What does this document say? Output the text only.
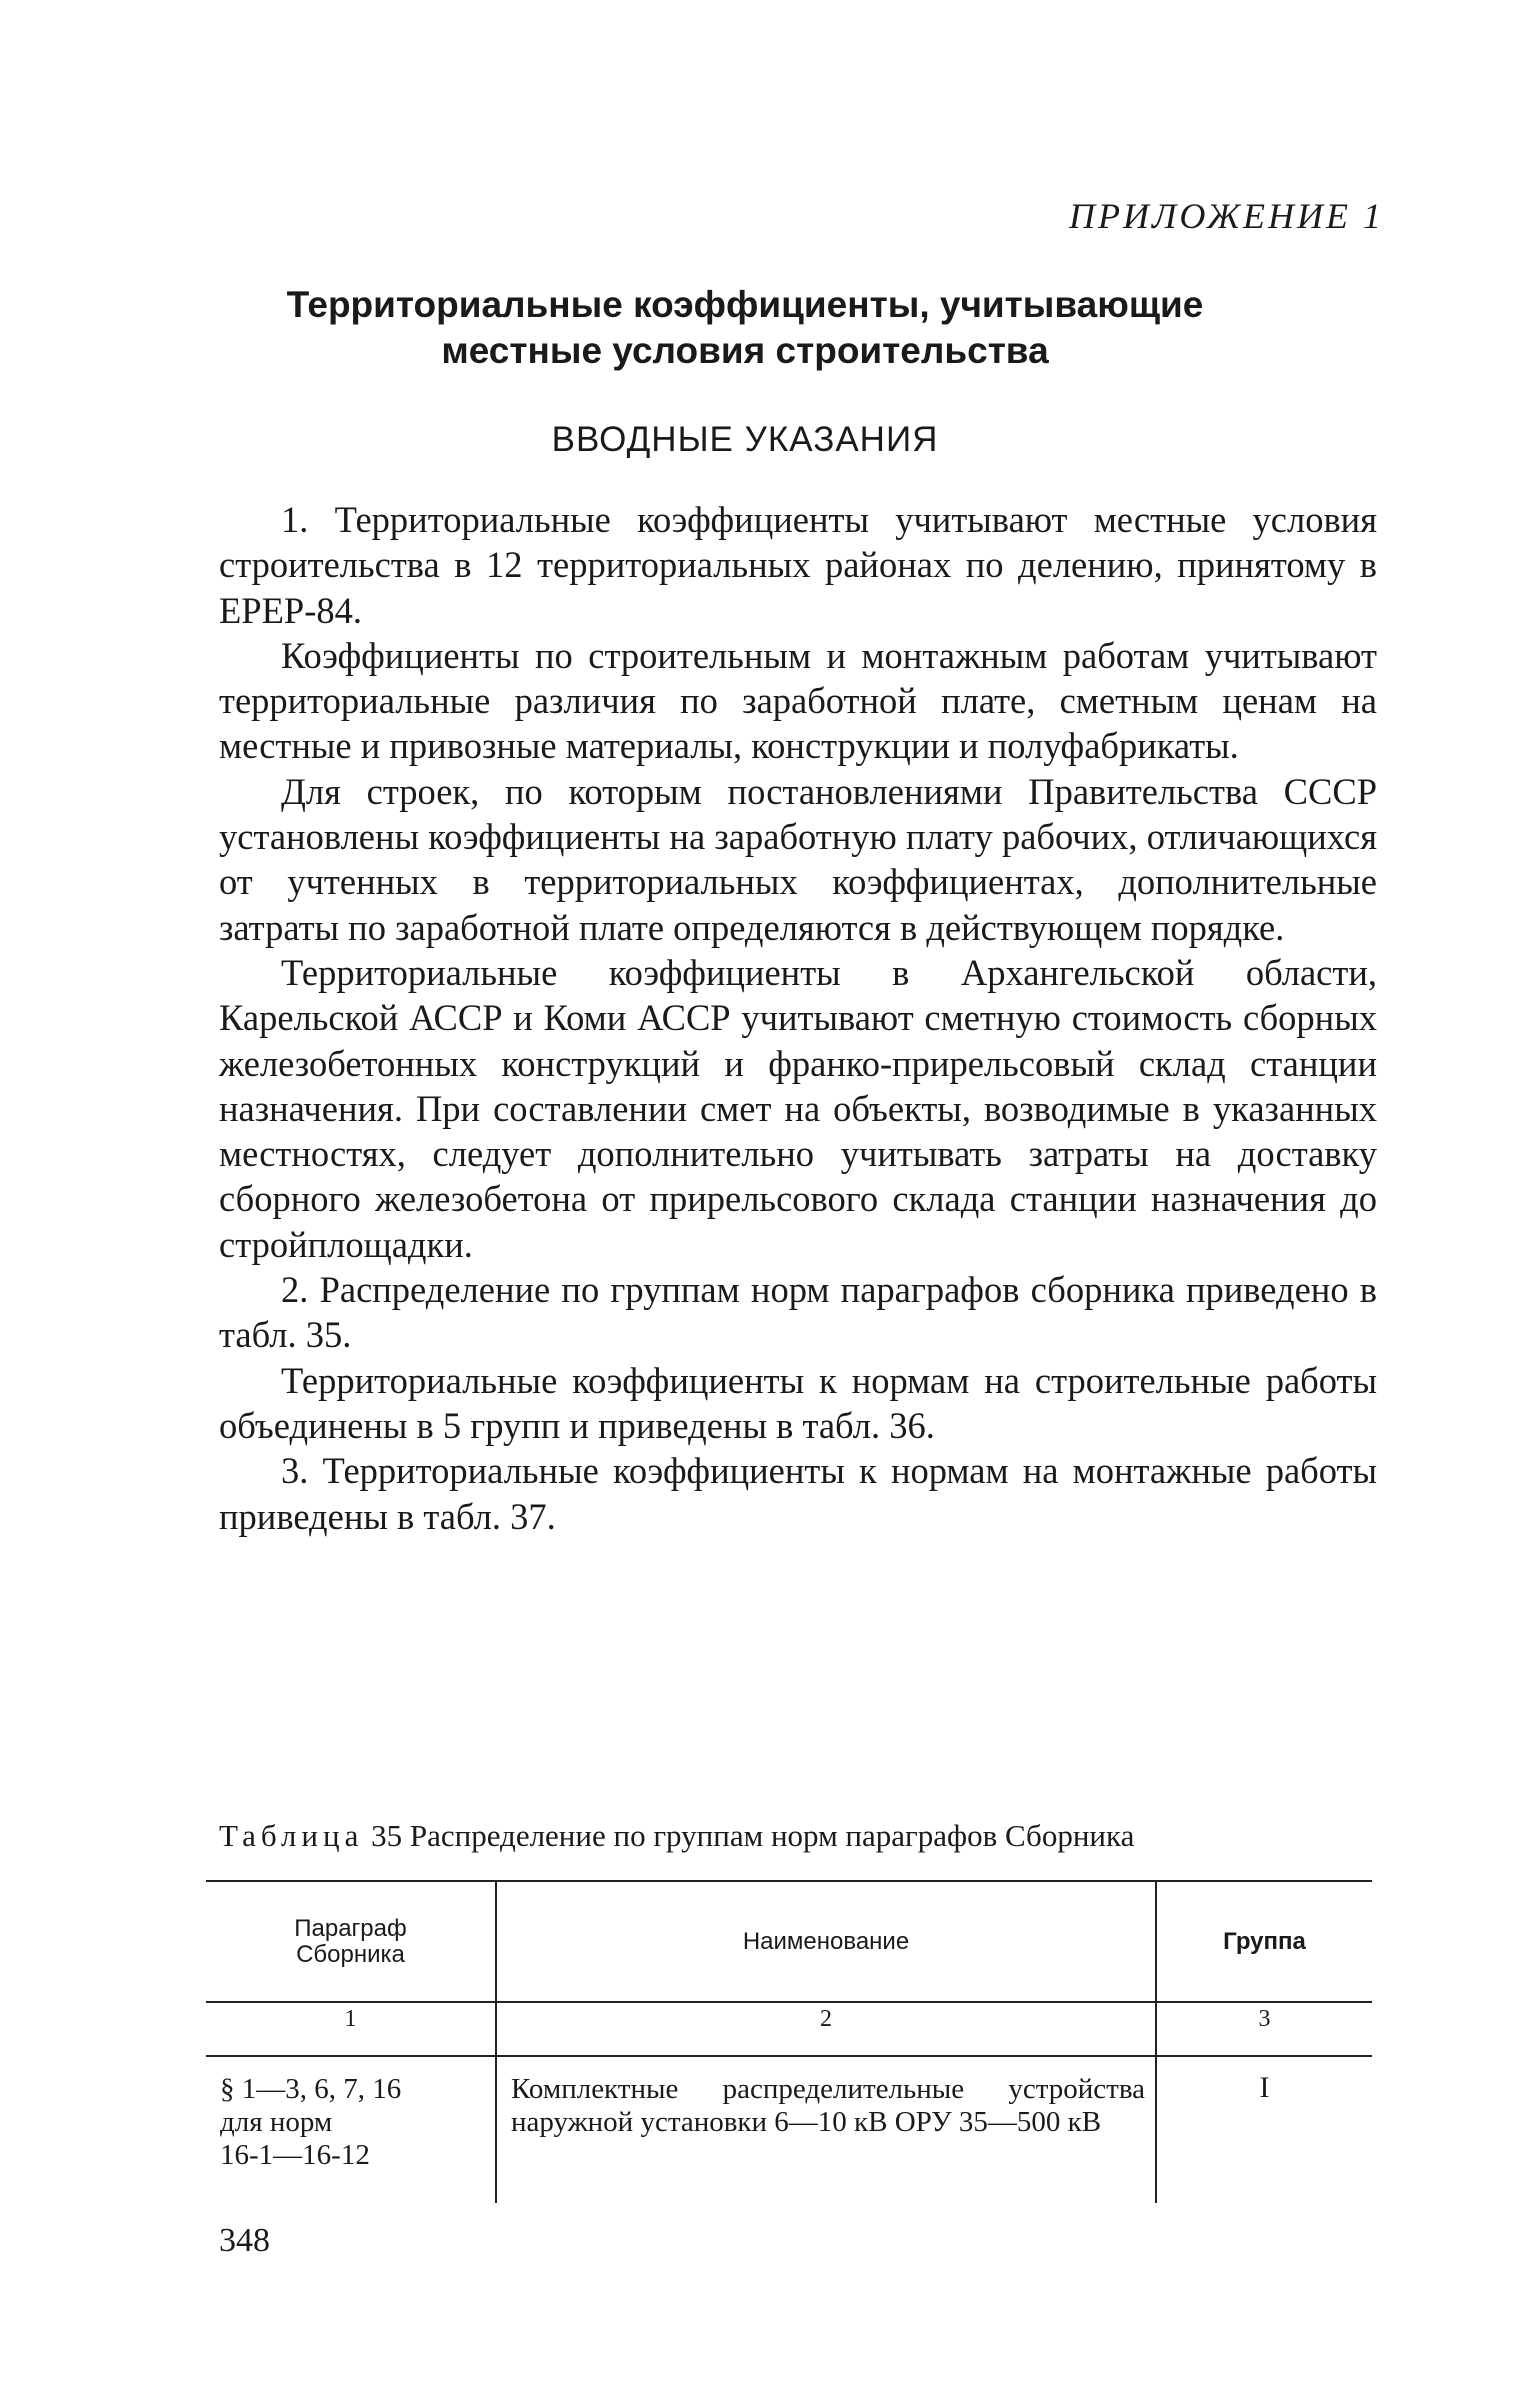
ПРИЛОЖЕНИЕ 1
Территориальные коэффициенты, учитывающие
местные условия строительства
ВВОДНЫЕ УКАЗАНИЯ

1. Территориальные коэффициенты учитывают местные условия строительства в 12 территориальных районах по делению, принятому в ЕРЕР-84.

Коэффициенты по строительным и монтажным работам учитывают территориальные различия по заработной плате, сметным ценам на местные и привозные материалы, конструкции и полуфабрикаты.

Для строек, по которым постановлениями Правительства СССР установлены коэффициенты на заработную плату рабочих, отличающихся от учтенных в территориальных коэффициентах, дополнительные затраты по заработной плате определяются в действующем порядке.

Территориальные коэффициенты в Архангельской области, Карельской АССР и Коми АССР учитывают сметную стоимость сборных железобетонных конструкций и франко-прирельсовый склад станции назначения. При составлении смет на объекты, возводимые в указанных местностях, следует дополнительно учитывать затраты на доставку сборного железобетона от прирельсового склада станции назначения до стройплощадки.

2. Распределение по группам норм параграфов сборника приведено в табл. 35.

Территориальные коэффициенты к нормам на строительные работы объединены в 5 групп и приведены в табл. 36.

3. Территориальные коэффициенты к нормам на монтажные работы приведены в табл. 37.

Таблица 35 Распределение по группам норм параграфов Сборника
Параграф
Сборника	Наименование	Группа
1	2	3

§ 1—3, 6, 7, 16
для норм
16-1—16-12	Комплектные распределительные устройства наружной установки 6—10 кВ ОРУ 35—500 кВ	I
348
